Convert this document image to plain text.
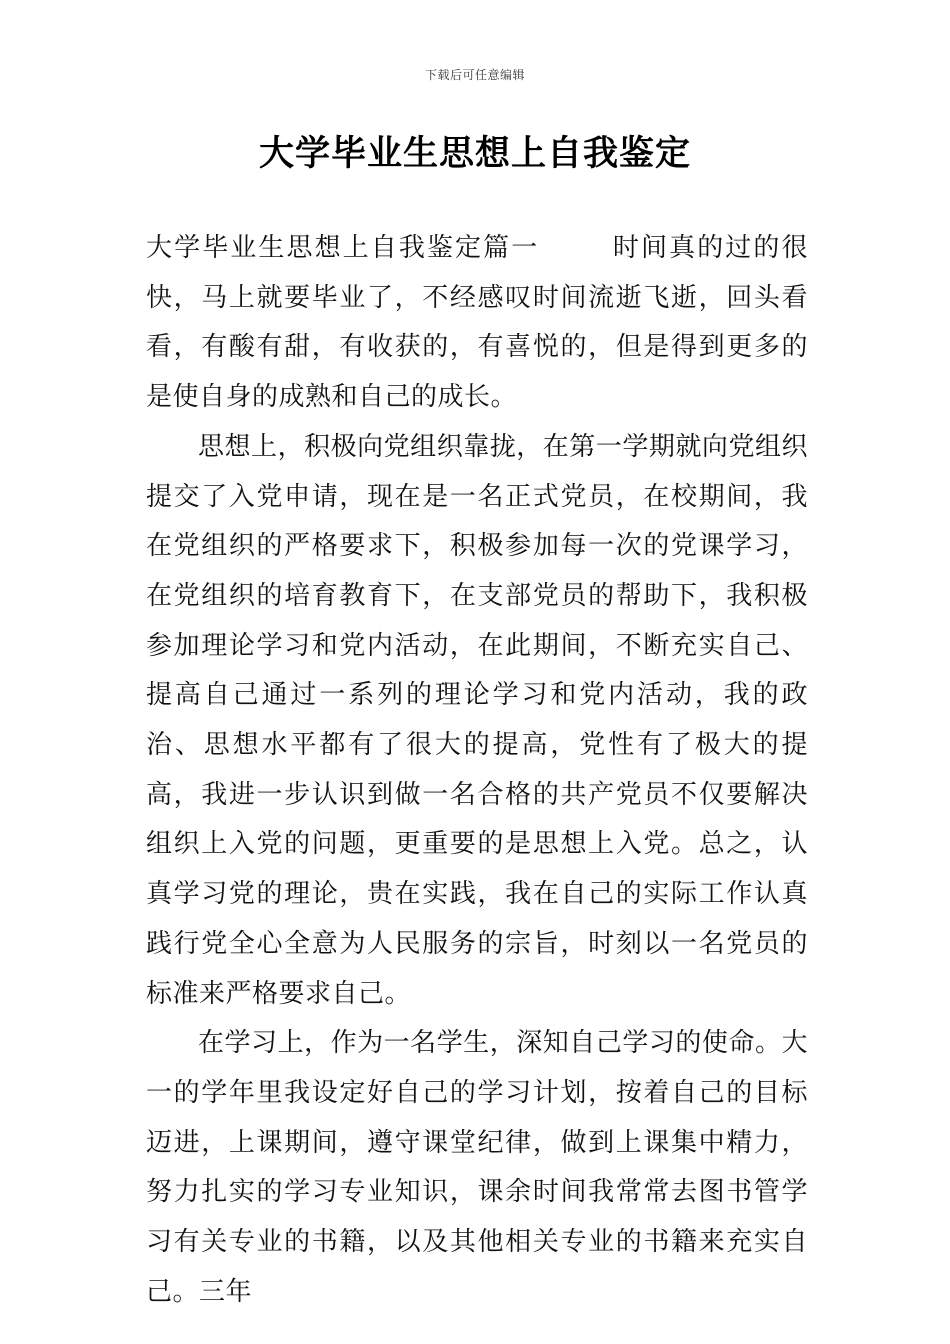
下载后可任意编辑
大学毕业生思想上自我鉴定

大学毕业生思想上自我鉴定篇一	时间真的过的很快，马上就要毕业了，不经感叹时间流逝飞逝，回头看看，有酸有甜，有收获的，有喜悦的，但是得到更多的是使自身的成熟和自己的成长。

思想上，积极向党组织靠拢，在第一学期就向党组织提交了入党申请，现在是一名正式党员，在校期间，我在党组织的严格要求下，积极参加每一次的党课学习，在党组织的培育教育下，在支部党员的帮助下，我积极参加理论学习和党内活动，在此期间，不断充实自己、提高自己通过一系列的理论学习和党内活动，我的政治、思想水平都有了很大的提高，党性有了极大的提高，我进一步认识到做一名合格的共产党员不仅要解决组织上入党的问题，更重要的是思想上入党。总之，认真学习党的理论，贵在实践，我在自己的实际工作认真践行党全心全意为人民服务的宗旨，时刻以一名党员的标准来严格要求自己。

在学习上，作为一名学生，深知自己学习的使命。大一的学年里我设定好自己的学习计划，按着自己的目标迈进，上课期间，遵守课堂纪律，做到上课集中精力，努力扎实的学习专业知识，课余时间我常常去图书管学习有关专业的书籍，以及其他相关专业的书籍来充实自己。三年
